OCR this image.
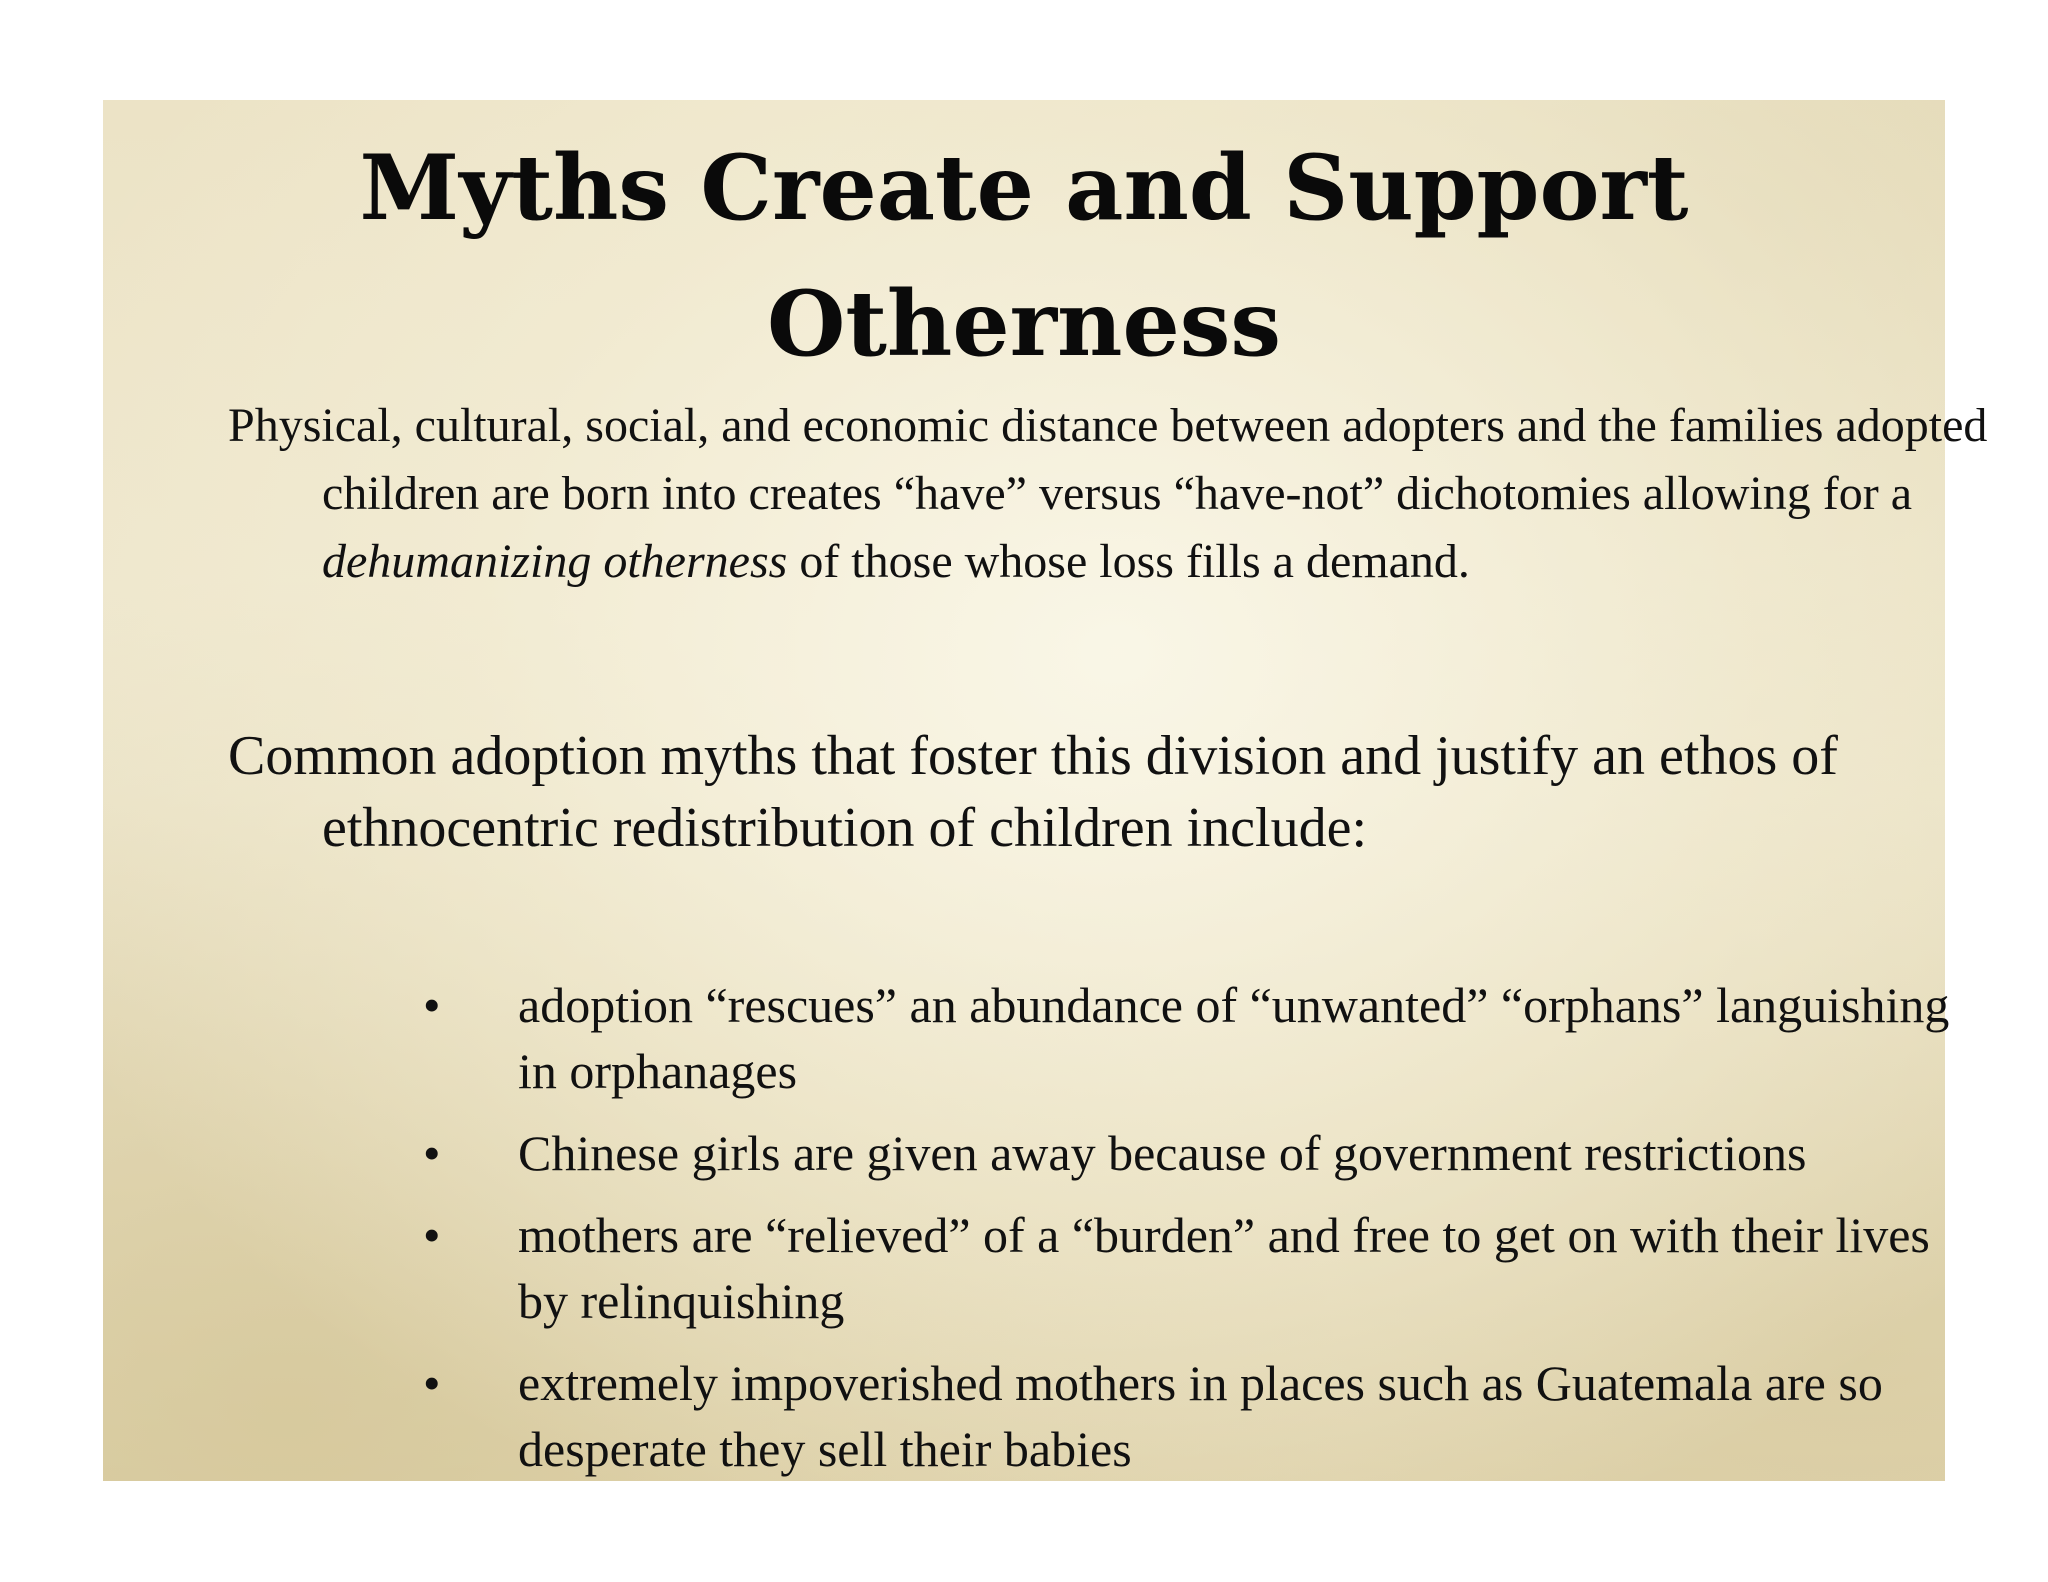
Myths Create and Support
Otherness

Physical, cultural, social, and economic distance between adopters and the families adopted children are born into creates “have” versus “have-not” dichotomies allowing for a dehumanizing otherness of those whose loss fills a demand.

Common adoption myths that foster this division and justify an ethos of ethnocentric redistribution of children include:

• adoption “rescues” an abundance of “unwanted” “orphans” languishing in orphanages
• Chinese girls are given away because of government restrictions
• mothers are “relieved” of a “burden” and free to get on with their lives by relinquishing
• extremely impoverished mothers in places such as Guatemala are so desperate they sell their babies
